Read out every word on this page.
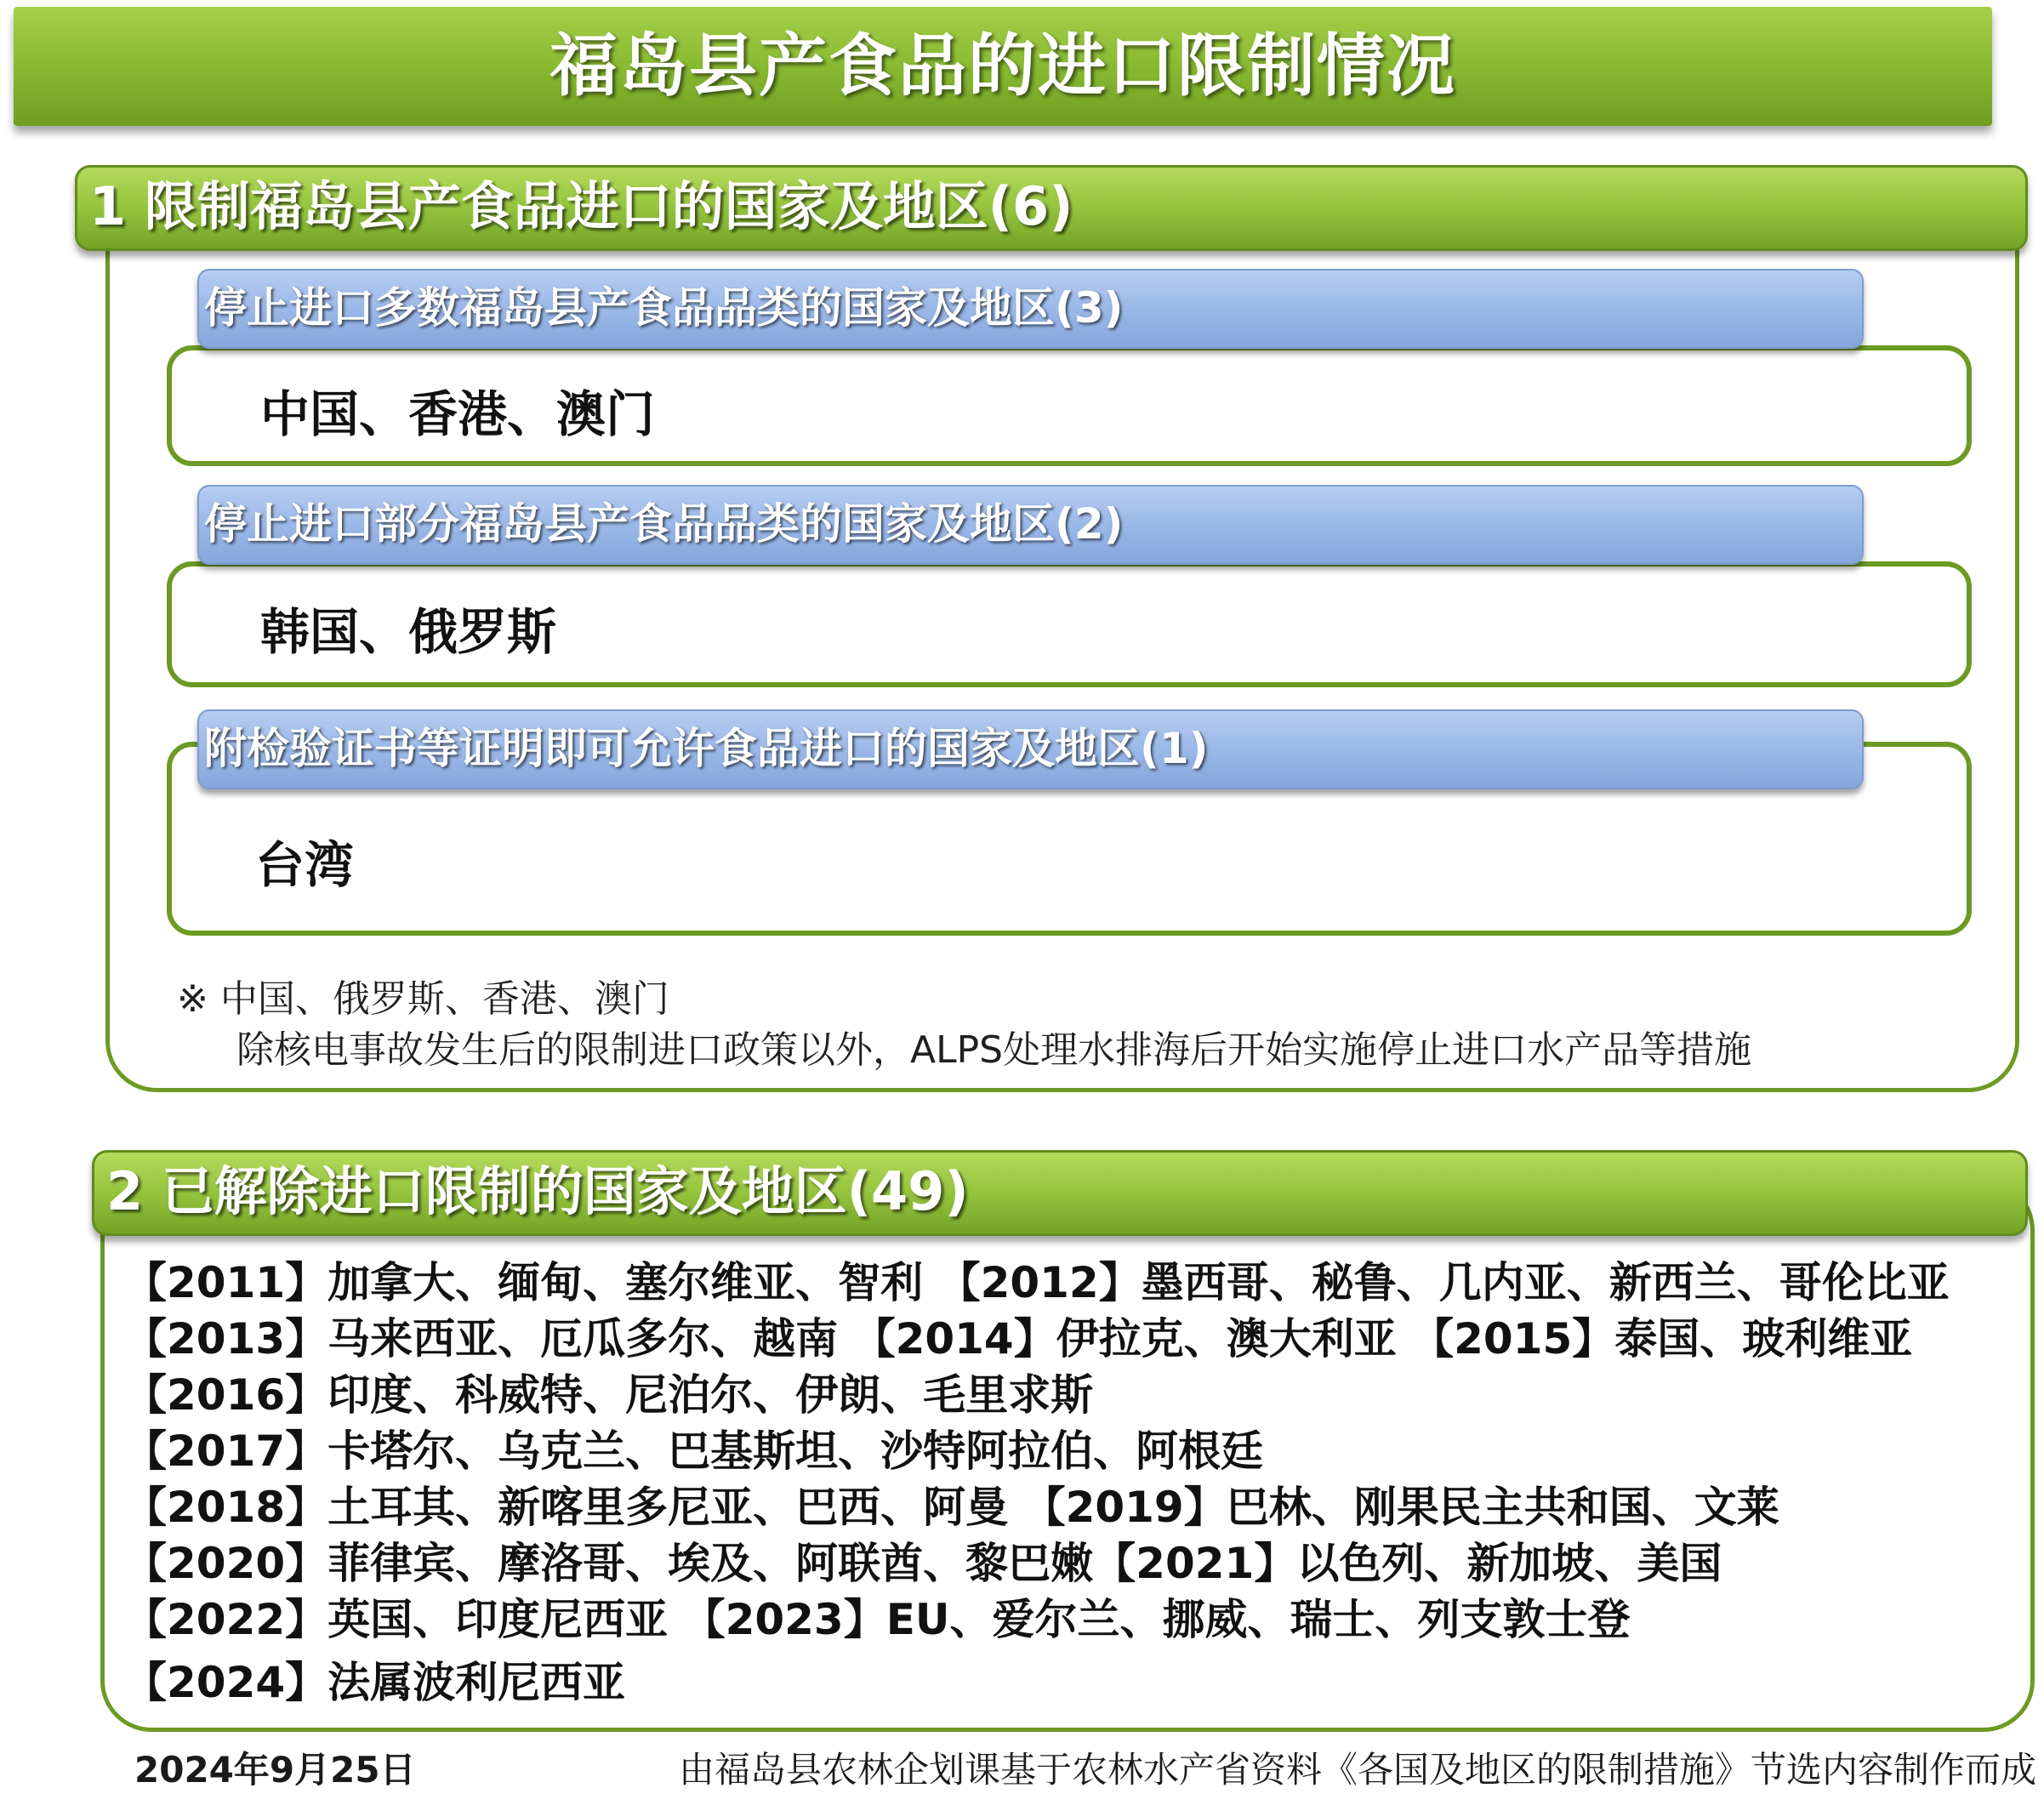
福岛县产食品的进口限制情况
1 限制福岛县产食品进口的国家及地区(6)
停止进口多数福岛县产食品品类的国家及地区(3)
中国、香港、澳门
停止进口部分福岛县产食品品类的国家及地区(2)
韩国、俄罗斯
附检验证书等证明即可允许食品进口的国家及地区(1)
台湾
※ 中国、俄罗斯、香港、澳门
除核电事故发生后的限制进口政策以外，ALPS处理水排海后开始实施停止进口水产品等措施
2 已解除进口限制的国家及地区(49)
【2011】加拿大、缅甸、塞尔维亚、智利 【2012】墨西哥、秘鲁、几内亚、新西兰、哥伦比亚
【2013】马来西亚、厄瓜多尔、越南 【2014】伊拉克、澳大利亚 【2015】泰国、玻利维亚
【2016】印度、科威特、尼泊尔、伊朗、毛里求斯
【2017】卡塔尔、乌克兰、巴基斯坦、沙特阿拉伯、阿根廷
【2018】土耳其、新喀里多尼亚、巴西、阿曼 【2019】巴林、刚果民主共和国、文莱
【2020】菲律宾、摩洛哥、埃及、阿联酋、黎巴嫩【2021】以色列、新加坡、美国
【2022】英国、印度尼西亚 【2023】EU、爱尔兰、挪威、瑞士、列支敦士登
【2024】法属波利尼西亚
2024年9月25日	由福岛县农林企划课基于农林水产省资料《各国及地区的限制措施》节选内容制作而成
